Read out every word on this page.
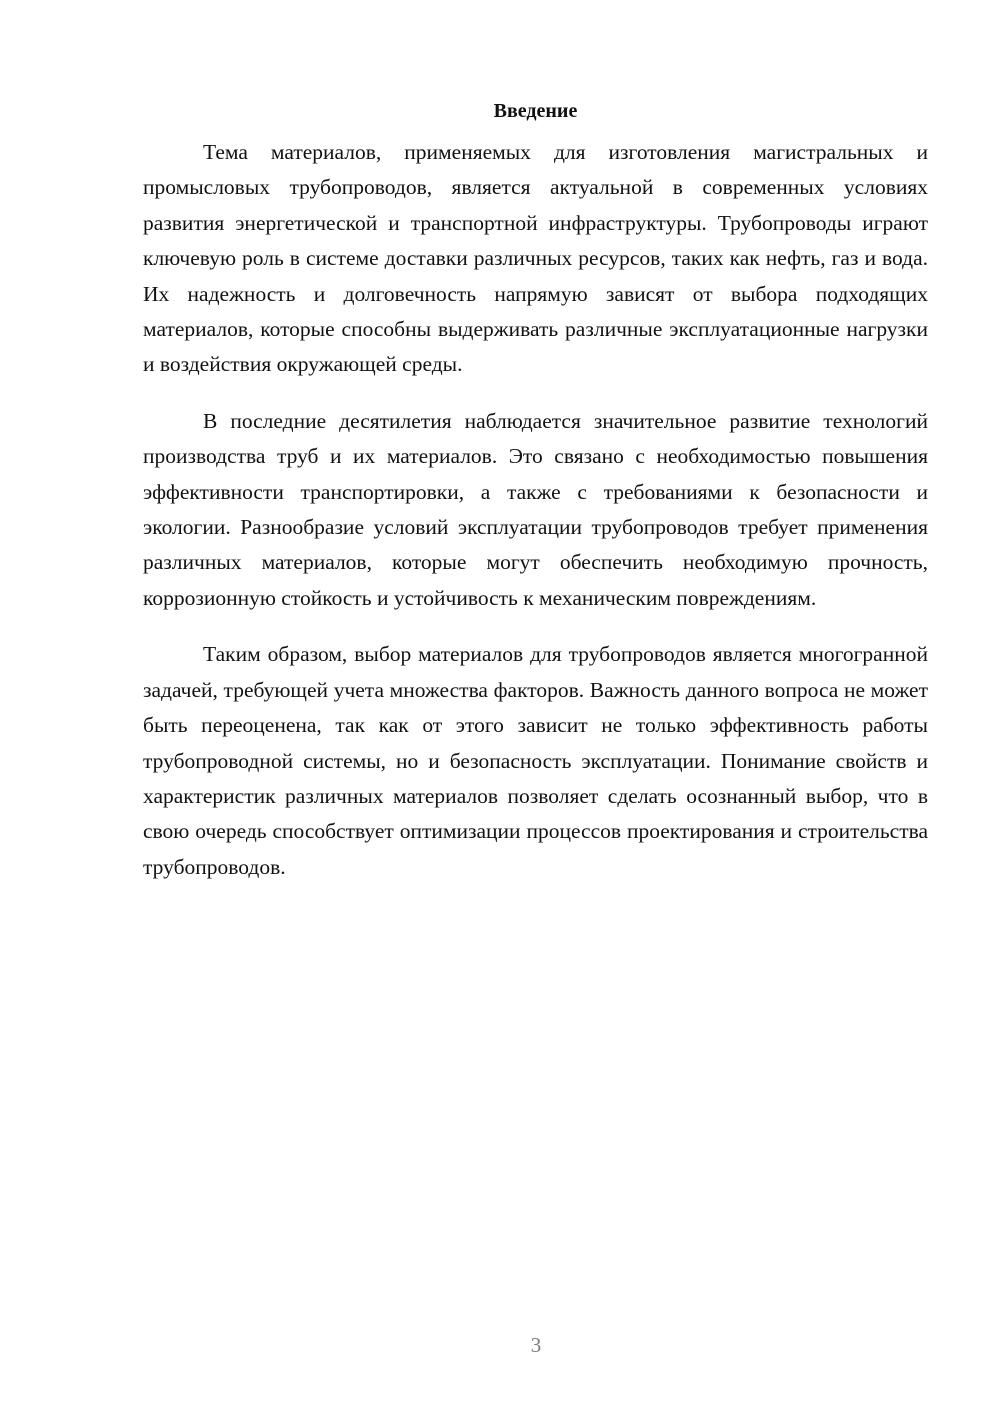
Введение

Тема материалов, применяемых для изготовления магистральных и промысловых трубопроводов, является актуальной в современных условиях развития энергетической и транспортной инфраструктуры. Трубопроводы играют ключевую роль в системе доставки различных ресурсов, таких как нефть, газ и вода. Их надежность и долговечность напрямую зависят от выбора подходящих материалов, которые способны выдерживать различные эксплуатационные нагрузки и воздействия окружающей среды.

В последние десятилетия наблюдается значительное развитие технологий производства труб и их материалов. Это связано с необходимостью повышения эффективности транспортировки, а также с требованиями к безопасности и экологии. Разнообразие условий эксплуатации трубопроводов требует применения различных материалов, которые могут обеспечить необходимую прочность, коррозионную стойкость и устойчивость к механическим повреждениям.

Таким образом, выбор материалов для трубопроводов является многогранной задачей, требующей учета множества факторов. Важность данного вопроса не может быть переоценена, так как от этого зависит не только эффективность работы трубопроводной системы, но и безопасность эксплуатации. Понимание свойств и характеристик различных материалов позволяет сделать осознанный выбор, что в свою очередь способствует оптимизации процессов проектирования и строительства трубопроводов.

3
